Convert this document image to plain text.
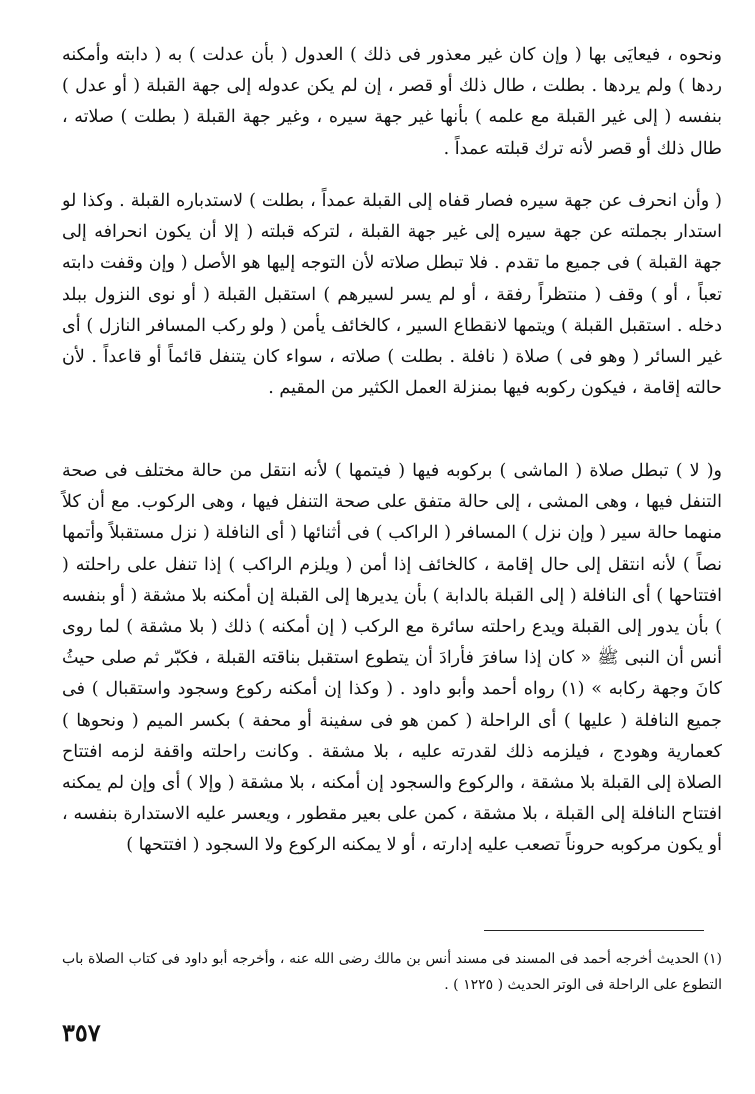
ونحوه ، فيعايَى بها ( وإن كان غير معذور فى ذلك ) العدول ( بأن عدلت ) به ( دابته وأمكنه ردها ) ولم يردها . بطلت ، طال ذلك أو قصر ، إن لم يكن عدوله إلى جهة القبلة ( أو عدل ) بنفسه ( إلى غير القبلة مع علمه ) بأنها غير جهة سيره ، وغير جهة القبلة ( بطلت ) صلاته ، طال ذلك أو قصر لأنه ترك قبلته عمداً .

( وأن انحرف عن جهة سيره فصار قفاه إلى القبلة عمداً ، بطلت ) لاستدباره القبلة . وكذا لو استدار بجملته عن جهة سيره إلى غير جهة القبلة ، لتركه قبلته ( إلا أن يكون انحرافه إلى جهة القبلة ) فى جميع ما تقدم . فلا تبطل صلاته لأن التوجه إليها هو الأصل ( وإن وقفت دابته تعباً ، أو ) وقف ( منتظراً رفقة ، أو لم يسر لسيرهم ) استقبل القبلة ( أو نوى النزول ببلد دخله . استقبل القبلة ) ويتمها لانقطاع السير ، كالخائف يأمن ( ولو ركب المسافر النازل ) أى غير السائر ( وهو فى ) صلاة ( نافلة . بطلت ) صلاته ، سواء كان يتنفل قائماً أو قاعداً . لأن حالته إقامة ، فيكون ركوبه فيها بمنزلة العمل الكثير من المقيم .

و( لا ) تبطل صلاة ( الماشى ) بركوبه فيها ( فيتمها ) لأنه انتقل من حالة مختلف فى صحة التنفل فيها ، وهى المشى ، إلى حالة متفق على صحة التنفل فيها ، وهى الركوب. مع أن كلاً منهما حالة سير ( وإن نزل ) المسافر ( الراكب ) فى أثنائها ( أى النافلة ( نزل مستقبلاً وأتمها نصاً ) لأنه انتقل إلى حال إقامة ، كالخائف إذا أمن ( ويلزم الراكب ) إذا تنفل على راحلته ( افتتاحها ) أى النافلة ( إلى القبلة بالدابة ) بأن يديرها إلى القبلة إن أمكنه بلا مشقة ( أو بنفسه ) بأن يدور إلى القبلة ويدع راحلته سائرة مع الركب ( إن أمكنه ) ذلك ( بلا مشقة ) لما روى أنس أن النبى ﷺ « كان إذا سافرَ فأرادَ أن يتطوع استقبل بناقته القبلة ، فكبّر ثم صلى حيثُ كانَ وجهة ركابه » (١) رواه أحمد وأبو داود . ( وكذا إن أمكنه ركوع وسجود واستقبال ) فى جميع النافلة ( عليها ) أى الراحلة ( كمن هو فى سفينة أو محفة ) بكسر الميم ( ونحوها ) كعمارية وهودج ، فيلزمه ذلك لقدرته عليه ، بلا مشقة . وكانت راحلته واقفة لزمه افتتاح الصلاة إلى القبلة بلا مشقة ، والركوع والسجود إن أمكنه ، بلا مشقة ( وإلا ) أى وإن لم يمكنه افتتاح النافلة إلى القبلة ، بلا مشقة ، كمن على بعير مقطور ، ويعسر عليه الاستدارة بنفسه ، أو يكون مركوبه حروناً تصعب عليه إدارته ، أو لا يمكنه الركوع ولا السجود ( افتتحها )

(١) الحديث أخرجه أحمد فى المسند فى مسند أنس بن مالك رضى الله عنه ، وأخرجه أبو داود فى كتاب الصلاة باب التطوع على الراحلة فى الوتر الحديث ( ١٢٢٥ ) .

٣٥٧
